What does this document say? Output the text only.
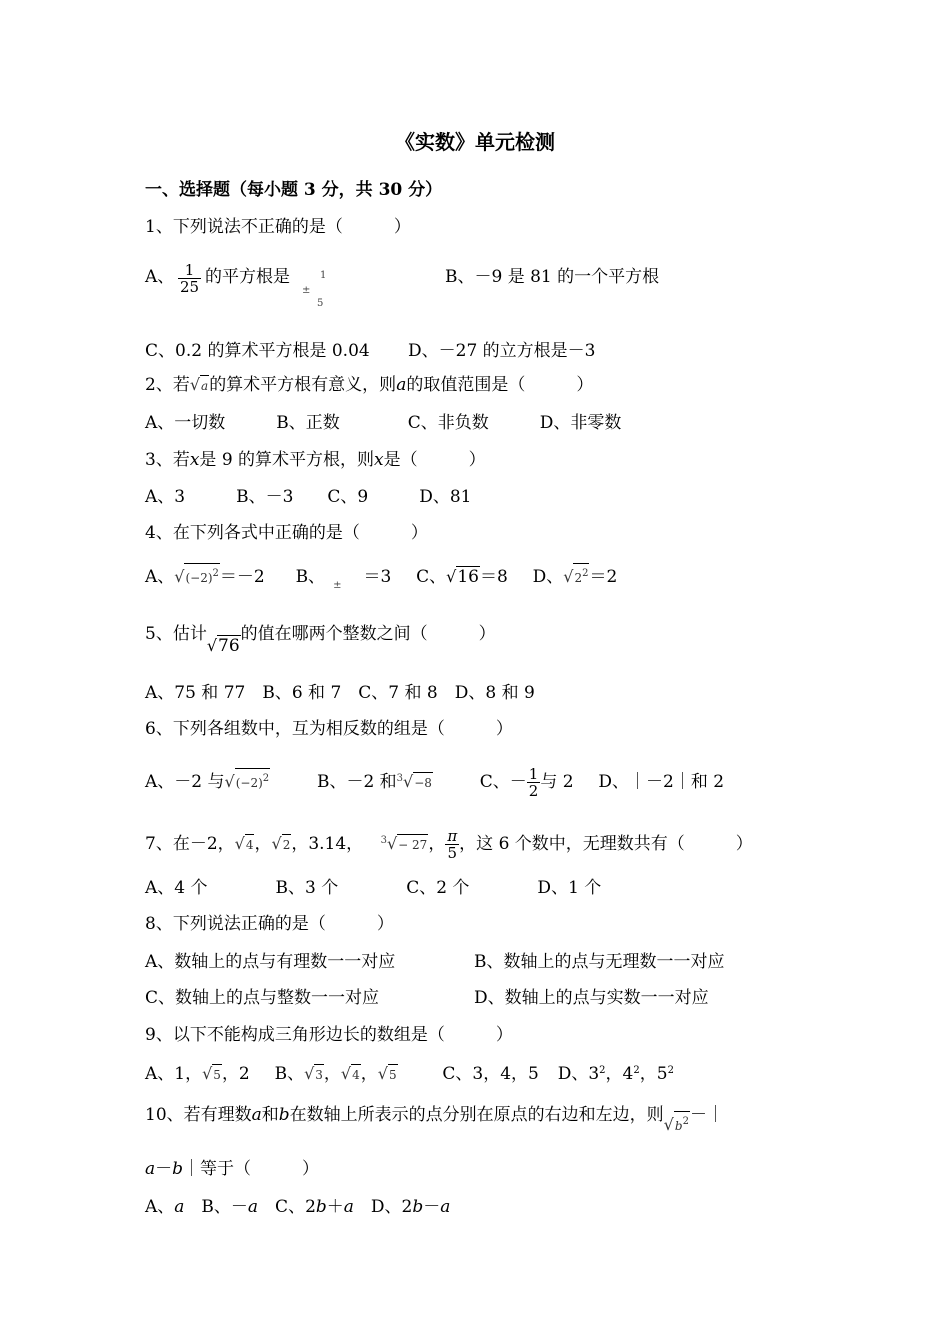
《实数》单元检测
一、选择题（每小题 3 分，共 30 分）
1、下列说法不正确的是（　　　）
A、 $\frac{1}{25}$ 的平方根是
±
1
5
B、－9 是 81 的一个平方根
C、0.2 的算术平方根是 0.04 D、－27 的立方根是－3
2、若√a的算术平方根有意义，则a的取值范围是（　　　）
A、一切数　　　B、正数　　　　C、非负数　　　D、非零数
3、若x是 9 的算术平方根，则x是（　　　）
A、3　　　B、－3　　C、9　　　D、81
4、在下列各式中正确的是（　　　）
A、$√(-2)^2=-2$ B、 $_\pm$ ＝3 C、√16＝8 D、$√2^2=2$
5、估计√76的值在哪两个整数之间（　　　）
A、75 和 77　B、6 和 7　C、7 和 8　D、8 和 9
6、下列各组数中，互为相反数的组是（　　　）
A、－2 与$√(-2)^2$	B、－2 和$^3$√−8	C、－ $\frac{1}{2}$ 与 2 D、｜－2｜和 2
7、在－2，√4，√2，3.14， $^3$√− 27， $\frac{\pi}{5}$ ，这 6 个数中，无理数共有（　　　）
A、4 个　　　　B、3 个　　　　C、2 个　　　　D、1 个
8、下列说法正确的是（　　　）
A、数轴上的点与有理数一一对应	B、数轴上的点与无理数一一对应
C、数轴上的点与整数一一对应	D、数轴上的点与实数一一对应
9、以下不能构成三角形边长的数组是（　　　）
A、1，√5，2 B、√3，√4，√5	C、3，4，5 D、$3^2$，$4^2$，$5^2$
10、若有理数a和b在数轴上所表示的点分别在原点的右边和左边，则$√b^2-|$
a－b｜等于（　　　）
A、a　B、－a　C、2b＋a　D、2b－a
